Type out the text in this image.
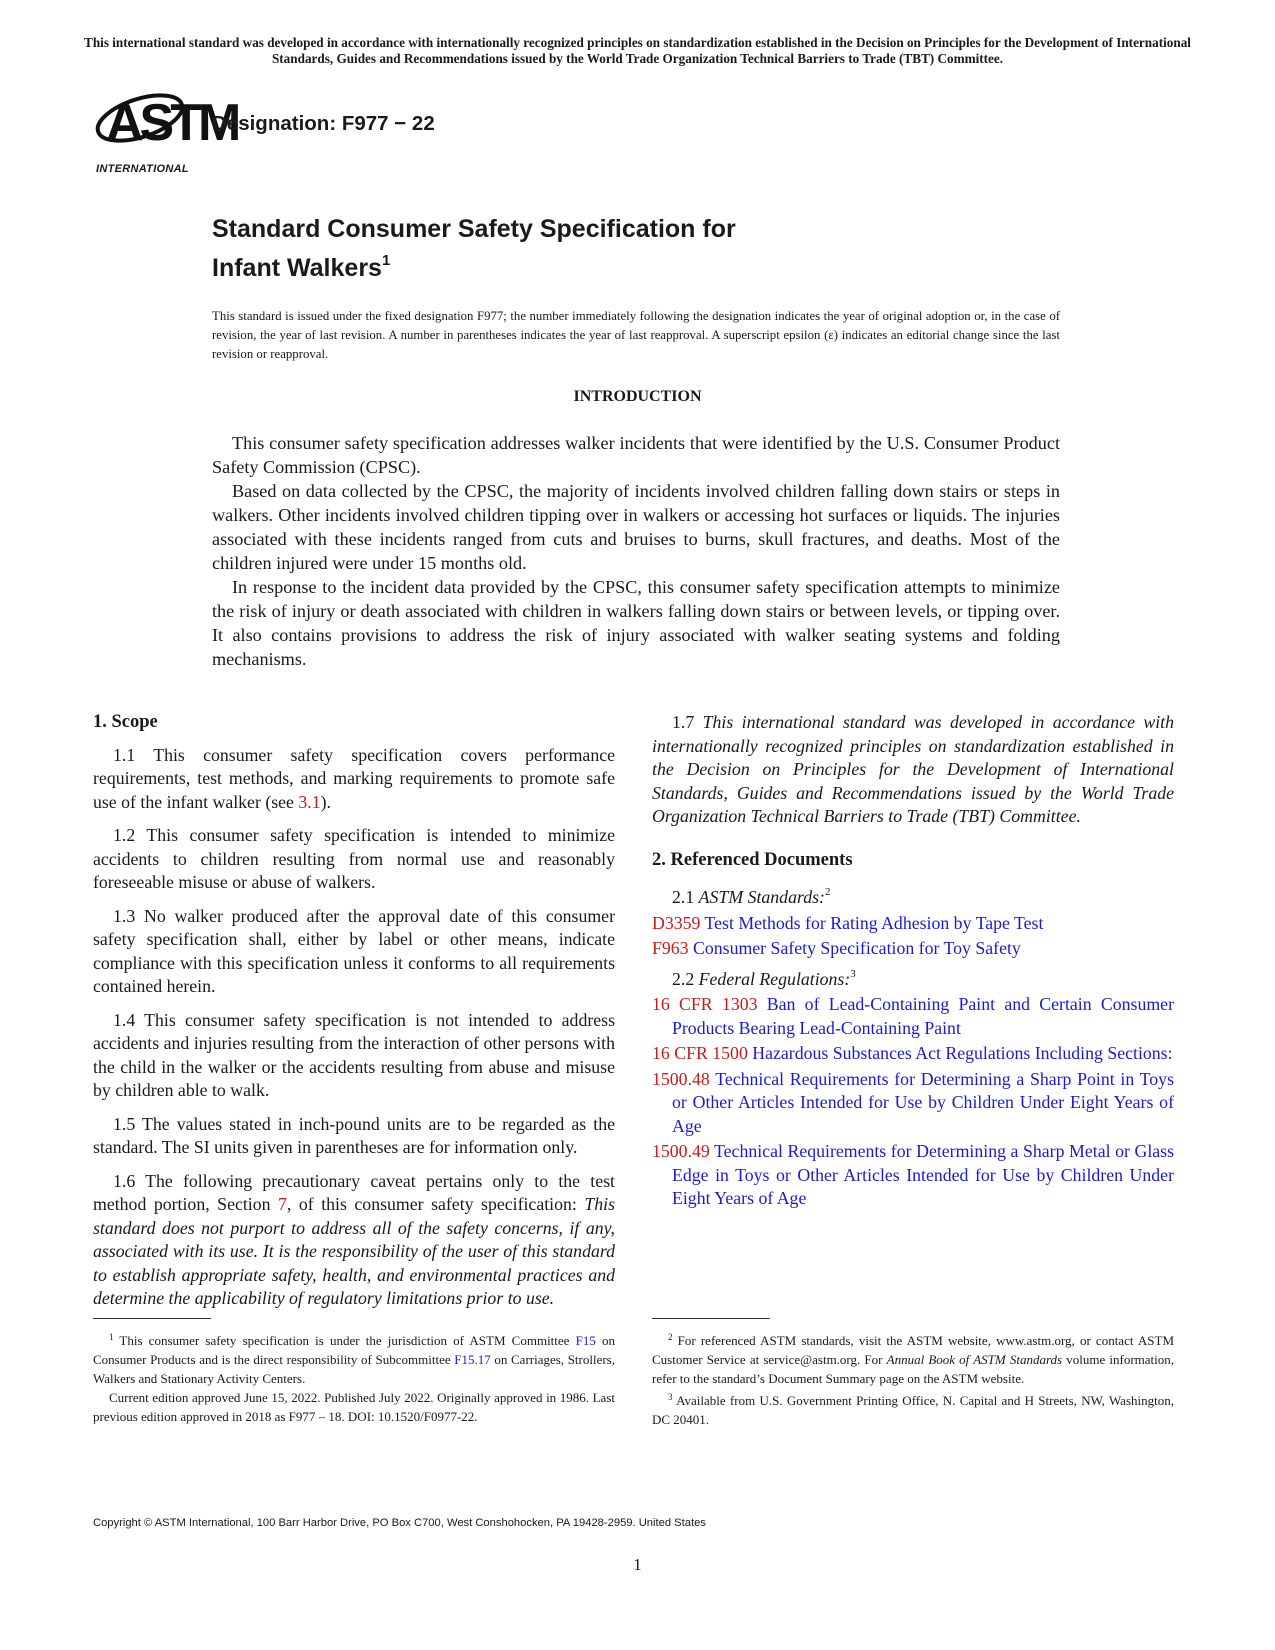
This international standard was developed in accordance with internationally recognized principles on standardization established in the Decision on Principles for the Development of International Standards, Guides and Recommendations issued by the World Trade Organization Technical Barriers to Trade (TBT) Committee.
ASTM
INTERNATIONAL
Designation: F977 − 22
Standard Consumer Safety Specification for
Infant Walkers$^1$
This standard is issued under the fixed designation F977; the number immediately following the designation indicates the year of original adoption or, in the case of revision, the year of last revision. A number in parentheses indicates the year of last reapproval. A superscript epsilon (ε) indicates an editorial change since the last revision or reapproval.
INTRODUCTION

This consumer safety specification addresses walker incidents that were identified by the U.S. Consumer Product Safety Commission (CPSC).

Based on data collected by the CPSC, the majority of incidents involved children falling down stairs or steps in walkers. Other incidents involved children tipping over in walkers or accessing hot surfaces or liquids. The injuries associated with these incidents ranged from cuts and bruises to burns, skull fractures, and deaths. Most of the children injured were under 15 months old.

In response to the incident data provided by the CPSC, this consumer safety specification attempts to minimize the risk of injury or death associated with children in walkers falling down stairs or between levels, or tipping over. It also contains provisions to address the risk of injury associated with walker seating systems and folding mechanisms.

1. Scope

1.1 This consumer safety specification covers performance requirements, test methods, and marking requirements to promote safe use of the infant walker (see 3.1).

1.2 This consumer safety specification is intended to minimize accidents to children resulting from normal use and reasonably foreseeable misuse or abuse of walkers.

1.3 No walker produced after the approval date of this consumer safety specification shall, either by label or other means, indicate compliance with this specification unless it conforms to all requirements contained herein.

1.4 This consumer safety specification is not intended to address accidents and injuries resulting from the interaction of other persons with the child in the walker or the accidents resulting from abuse and misuse by children able to walk.

1.5 The values stated in inch-pound units are to be regarded as the standard. The SI units given in parentheses are for information only.

1.6 The following precautionary caveat pertains only to the test method portion, Section 7, of this consumer safety specification: This standard does not purport to address all of the safety concerns, if any, associated with its use. It is the responsibility of the user of this standard to establish appropriate safety, health, and environmental practices and determine the applicability of regulatory limitations prior to use.

1.7 This international standard was developed in accordance with internationally recognized principles on standardization established in the Decision on Principles for the Development of International Standards, Guides and Recommendations issued by the World Trade Organization Technical Barriers to Trade (TBT) Committee.

2. Referenced Documents
2.1 ASTM Standards:$^2$
D3359 Test Methods for Rating Adhesion by Tape Test
F963 Consumer Safety Specification for Toy Safety
2.2 Federal Regulations:$^3$
16 CFR 1303 Ban of Lead-Containing Paint and Certain Consumer Products Bearing Lead-Containing Paint
16 CFR 1500 Hazardous Substances Act Regulations Including Sections:
1500.48 Technical Requirements for Determining a Sharp Point in Toys or Other Articles Intended for Use by Children Under Eight Years of Age
1500.49 Technical Requirements for Determining a Sharp Metal or Glass Edge in Toys or Other Articles Intended for Use by Children Under Eight Years of Age

$^1$ This consumer safety specification is under the jurisdiction of ASTM Committee F15 on Consumer Products and is the direct responsibility of Subcommittee F15.17 on Carriages, Strollers, Walkers and Stationary Activity Centers.

Current edition approved June 15, 2022. Published July 2022. Originally approved in 1986. Last previous edition approved in 2018 as F977 – 18. DOI: 10.1520/F0977-22.

$^2$ For referenced ASTM standards, visit the ASTM website, www.astm.org, or contact ASTM Customer Service at service@astm.org. For Annual Book of ASTM Standards volume information, refer to the standard’s Document Summary page on the ASTM website.

$^3$ Available from U.S. Government Printing Office, N. Capital and H Streets, NW, Washington, DC 20401.

Copyright © ASTM International, 100 Barr Harbor Drive, PO Box C700, West Conshohocken, PA 19428-2959. United States
1
